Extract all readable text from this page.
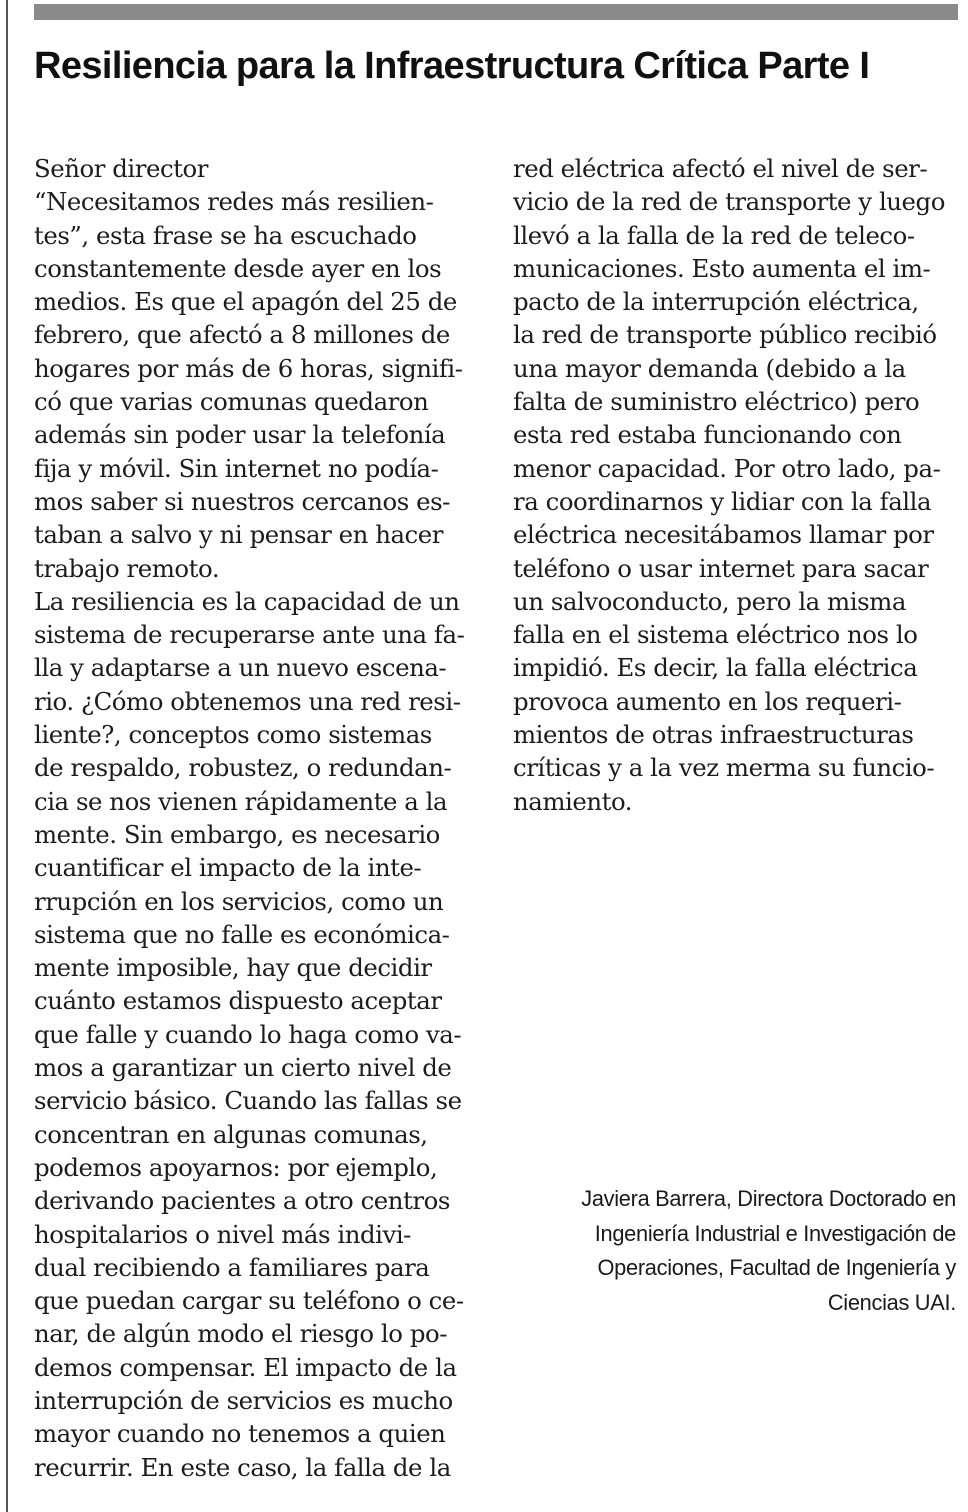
Resiliencia para la Infraestructura Crítica Parte I
Señor director
“Necesitamos redes más resilien-
tes”, esta frase se ha escuchado
constantemente desde ayer en los
medios. Es que el apagón del 25 de
febrero, que afectó a 8 millones de
hogares por más de 6 horas, signifi-
có que varias comunas quedaron
además sin poder usar la telefonía
fija y móvil. Sin internet no podía-
mos saber si nuestros cercanos es-
taban a salvo y ni pensar en hacer
trabajo remoto.
La resiliencia es la capacidad de un
sistema de recuperarse ante una fa-
lla y adaptarse a un nuevo escena-
rio. ¿Cómo obtenemos una red resi-
liente?, conceptos como sistemas
de respaldo, robustez, o redundan-
cia se nos vienen rápidamente a la
mente. Sin embargo, es necesario
cuantificar el impacto de la inte-
rrupción en los servicios, como un
sistema que no falle es económica-
mente imposible, hay que decidir
cuánto estamos dispuesto aceptar
que falle y cuando lo haga como va-
mos a garantizar un cierto nivel de
servicio básico. Cuando las fallas se
concentran en algunas comunas,
podemos apoyarnos: por ejemplo,
derivando pacientes a otro centros
hospitalarios o nivel más indivi-
dual recibiendo a familiares para
que puedan cargar su teléfono o ce-
nar, de algún modo el riesgo lo po-
demos compensar. El impacto de la
interrupción de servicios es mucho
mayor cuando no tenemos a quien
recurrir. En este caso, la falla de la
red eléctrica afectó el nivel de ser-
vicio de la red de transporte y luego
llevó a la falla de la red de teleco-
municaciones. Esto aumenta el im-
pacto de la interrupción eléctrica,
la red de transporte público recibió
una mayor demanda (debido a la
falta de suministro eléctrico) pero
esta red estaba funcionando con
menor capacidad. Por otro lado, pa-
ra coordinarnos y lidiar con la falla
eléctrica necesitábamos llamar por
teléfono o usar internet para sacar
un salvoconducto, pero la misma
falla en el sistema eléctrico nos lo
impidió. Es decir, la falla eléctrica
provoca aumento en los requeri-
mientos de otras infraestructuras
críticas y a la vez merma su funcio-
namiento.
Javiera Barrera, Directora Doctorado en
Ingeniería Industrial e Investigación de
Operaciones, Facultad de Ingeniería y
Ciencias UAI.
